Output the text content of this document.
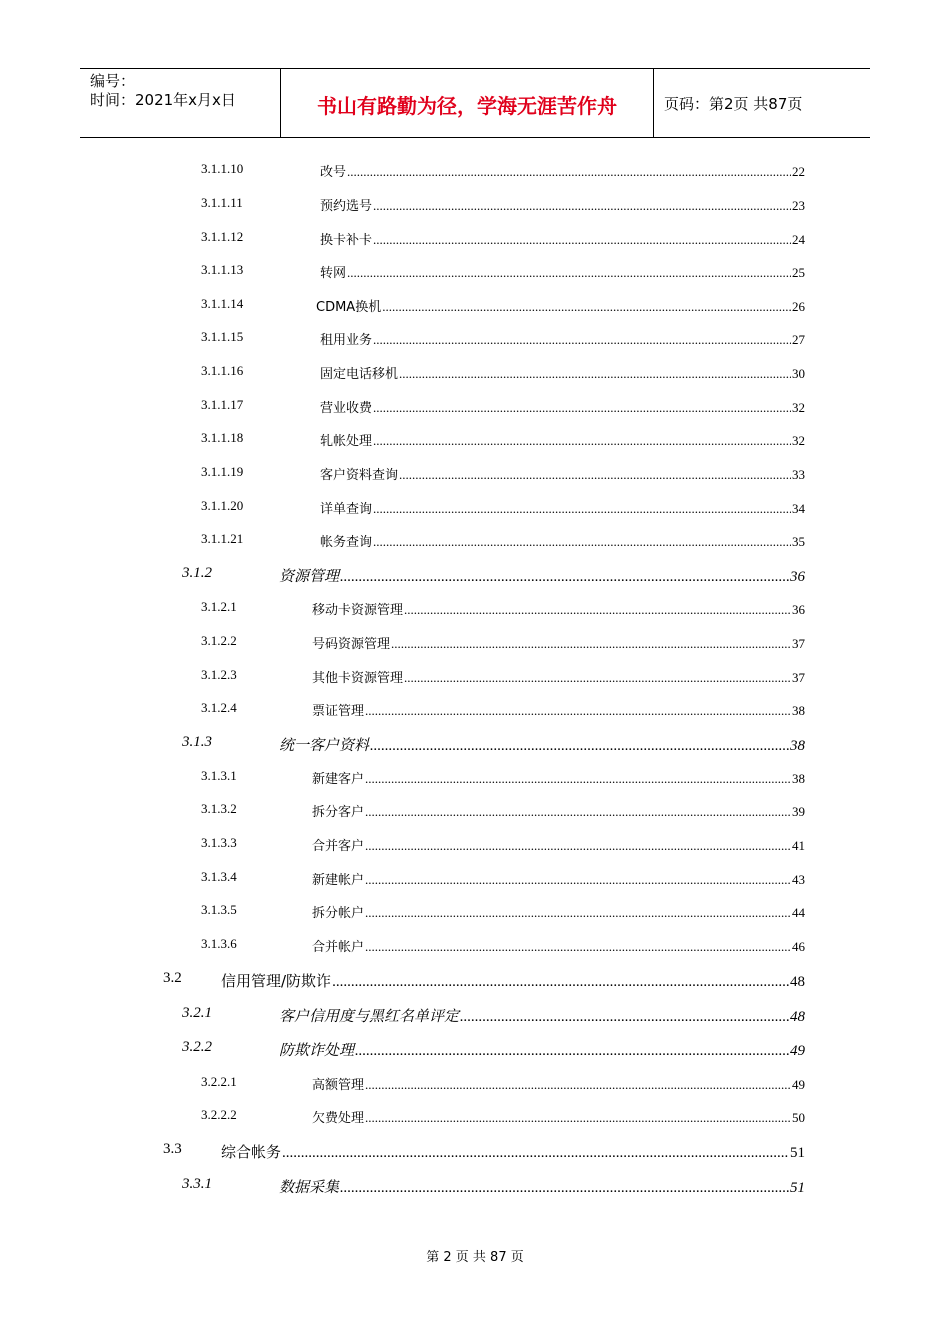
编号：
时间：2021年x月x日	书山有路勤为径，学海无涯苦作舟	页码：第2页 共87页
3.1.1.10	改号 .....	22
3.1.1.11	预约选号 .....	23
3.1.1.12	换卡补卡 .....	24
3.1.1.13	转网 .....	25
3.1.1.14	CDMA换机 .....	26
3.1.1.15	租用业务 .....	27
3.1.1.16	固定电话移机 .....	30
3.1.1.17	营业收费 .....	32
3.1.1.18	轧帐处理 .....	32
3.1.1.19	客户资料查询 .....	33
3.1.1.20	详单查询 .....	34
3.1.1.21	帐务查询 .....	35
3.1.2	资源管理 .....	36
3.1.2.1	移动卡资源管理 .....	36
3.1.2.2	号码资源管理 .....	37
3.1.2.3	其他卡资源管理 .....	37
3.1.2.4	票证管理 .....	38
3.1.3	统一客户资料 .....	38
3.1.3.1	新建客户 .....	38
3.1.3.2	拆分客户 .....	39
3.1.3.3	合并客户 .....	41
3.1.3.4	新建帐户 .....	43
3.1.3.5	拆分帐户 .....	44
3.1.3.6	合并帐户 .....	46
3.2	信用管理/防欺诈 .....	48
3.2.1	客户信用度与黑红名单评定 .....	48
3.2.2	防欺诈处理 .....	49
3.2.2.1	高额管理 .....	49
3.2.2.2	欠费处理 .....	50
3.3	综合帐务 .....	51
3.3.1	数据采集 .....	51
第 2 页 共 87 页
